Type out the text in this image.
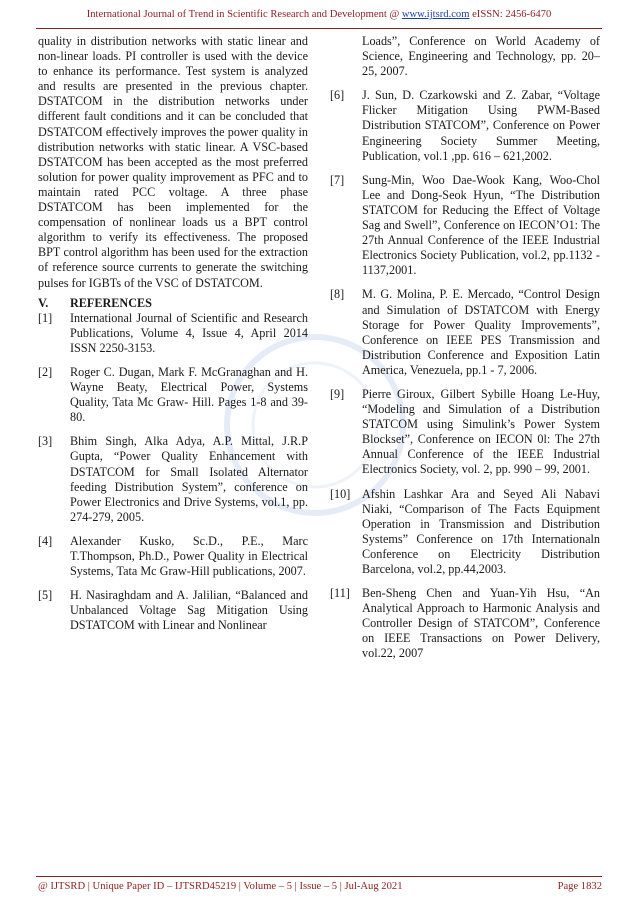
International Journal of Trend in Scientific Research and Development @ www.ijtsrd.com eISSN: 2456-6470

quality in distribution networks with static linear and non-linear loads. PI controller is used with the device to enhance its performance. Test system is analyzed and results are presented in the previous chapter. DSTATCOM in the distribution networks under different fault conditions and it can be concluded that DSTATCOM effectively improves the power quality in distribution networks with static linear. A VSC-based DSTATCOM has been accepted as the most preferred solution for power quality improvement as PFC and to maintain rated PCC voltage. A three phase DSTATCOM has been implemented for the compensation of nonlinear loads us a BPT control algorithm to verify its effectiveness. The proposed BPT control algorithm has been used for the extraction of reference source currents to generate the switching pulses for IGBTs of the VSC of DSTATCOM.

V.	REFERENCES
[1]	International Journal of Scientific and Research Publications, Volume 4, Issue 4, April 2014 ISSN 2250-3153.
[2]	Roger C. Dugan, Mark F. McGranaghan and H. Wayne Beaty, Electrical Power, Systems Quality, Tata Mc Graw- Hill. Pages 1-8 and 39-80.
[3]	Bhim Singh, Alka Adya, A.P. Mittal, J.R.P Gupta, “Power Quality Enhancement with DSTATCOM for Small Isolated Alternator feeding Distribution System”, conference on Power Electronics and Drive Systems, vol.1, pp. 274-279, 2005.
[4]	Alexander Kusko, Sc.D., P.E., Marc T.Thompson, Ph.D., Power Quality in Electrical Systems, Tata Mc Graw-Hill publications, 2007.
[5]	H. Nasiraghdam and A. Jalilian, “Balanced and Unbalanced Voltage Sag Mitigation Using DSTATCOM with Linear and Nonlinear

Loads”, Conference on World Academy of Science, Engineering and Technology, pp. 20–25, 2007.

[6]	J. Sun, D. Czarkowski and Z. Zabar, “Voltage Flicker Mitigation Using PWM-Based Distribution STATCOM”, Conference on Power Engineering Society Summer Meeting, Publication, vol.1 ,pp. 616 – 621,2002.
[7]	Sung-Min, Woo Dae-Wook Kang, Woo-Chol Lee and Dong-Seok Hyun, “The Distribution STATCOM for Reducing the Effect of Voltage Sag and Swell”, Conference on IECON’O1: The 27th Annual Conference of the IEEE Industrial Electronics Society Publication, vol.2, pp.1132 - 1137,2001.
[8]	M. G. Molina, P. E. Mercado, “Control Design and Simulation of DSTATCOM with Energy Storage for Power Quality Improvements”, Conference on IEEE PES Transmission and Distribution Conference and Exposition Latin America, Venezuela, pp.1 - 7, 2006.
[9]	Pierre Giroux, Gilbert Sybille Hoang Le-Huy, “Modeling and Simulation of a Distribution STATCOM using Simulink’s Power System Blockset”, Conference on IECON 0l: The 27th Annual Conference of the IEEE Industrial Electronics Society, vol. 2, pp. 990 – 99, 2001.
[10] Afshin Lashkar Ara and Seyed Ali Nabavi Niaki, “Comparison of The Facts Equipment Operation in Transmission and Distribution Systems” Conference on 17th Internationaln Conference on Electricity Distribution Barcelona, vol.2, pp.44,2003.
[11] Ben-Sheng Chen and Yuan-Yih Hsu, “An Analytical Approach to Harmonic Analysis and Controller Design of STATCOM”, Conference on IEEE Transactions on Power Delivery, vol.22, 2007
@ IJTSRD | Unique Paper ID – IJTSRD45219 | Volume – 5 | Issue – 5 | Jul-Aug 2021	Page 1832
